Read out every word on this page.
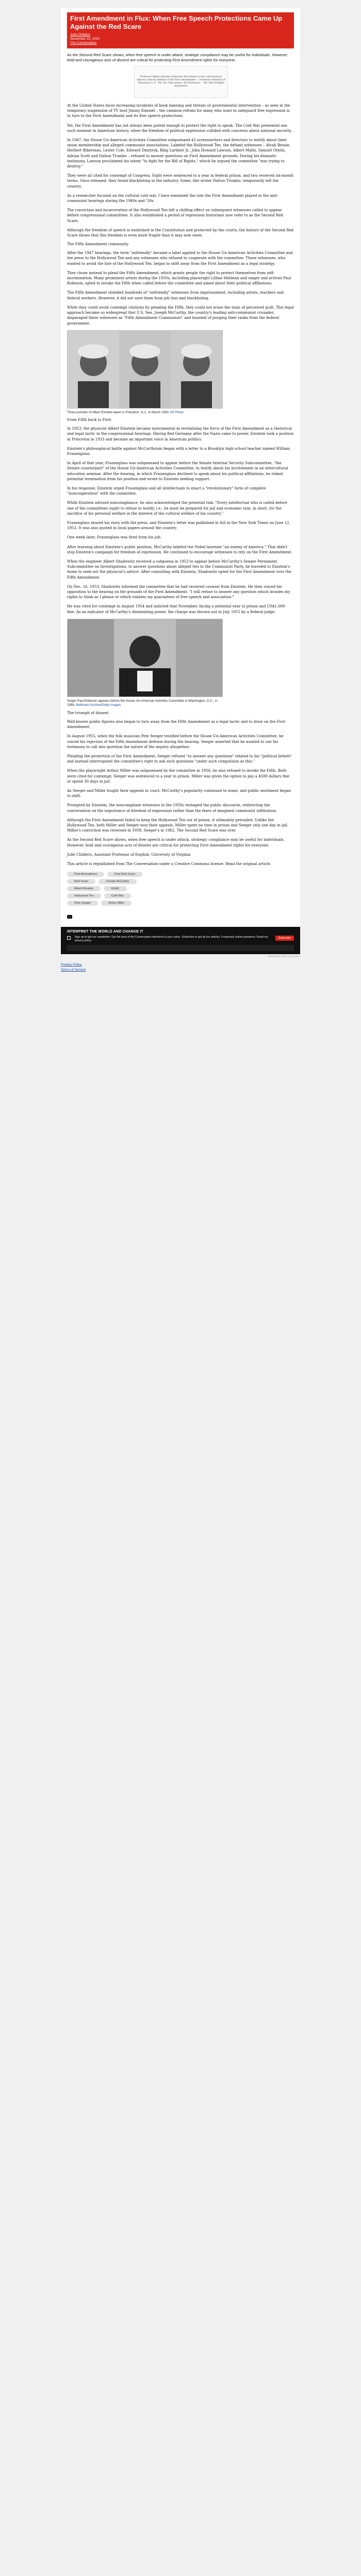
First Amendment in Flux: When Free Speech Protections Came Up Against the Red Scare
Julie Childers
November 20, 2020
The Conversation

As the Second Red Scare shows, when free speech is under attack, strategic compliance may be useful for individuals. However, bold and courageous acts of dissent are critical for protecting First Amendment rights for everyone.

Professor Albert Einstein dedicates this tribute to the conscientious objector and his defense of the First Amendment — Professor emeritus of Tennessee A. E. 'Mr. Art, New Jersey' All Professors — Mr. Bill of Rights and Justice

At the United States faces increasing incidents of book banning and threats of governmental intervention – as seen in the temporary suspension of TV host Jimmy Kimmel – the common refrain for many who want to safeguard free expression is to turn to the First Amendment and its free speech protections.

Yet, the First Amendment has not always been potent enough to protect the right to speak. The Cold War presented one such moment in American history, when the freedom of political expression collided with concerns about national security.

In 1947, the House Un-American Activities Committee subpoenaed 43 screenwriters and directors to testify about their union membership and alleged communist associations. Labeled the Hollywood Ten, the defiant witnesses – Alvah Bessie, Herbert Biberman, Lester Cole, Edward Dmytryk, Ring Lardner Jr., John Howard Lawson, Albert Maltz, Samuel Ornitz, Adrian Scott and Dalton Trumbo – refused to answer questions on First Amendment grounds. During his dramatic testimony, Lawson proclaimed his intent "to fight for the Bill of Rights," which he argued the committee "was trying to destroy."

They were all cited for contempt of Congress. Eight were sentenced to a year in federal prison, and two received six-month terms. Once released, they found blacklisting in the industry. Some, like writer Dalton Trumbo, temporarily left the country.

As a researcher focused on the cultural cold war, I have examined the role the First Amendment played in the anti-communist hearings during the 1940s and '50s.

The conviction and incarceration of the Hollywood Ten left a chilling effect on subsequent witnesses called to appear before congressional committees. It also established a period of repression historians now refer to as the Second Red Scare.

Although the freedom of speech is enshrined in the Constitution and protected by the courts, the history of the Second Red Scare shows that this freedom is even more fragile than it may now seem.

The Fifth Amendment community

After the 1947 hearings, the term "unfriendly" became a label applied to the House Un-American Activities Committee and the press to the Hollywood Ten and any witnesses who refused to cooperate with the committee. These witnesses, who wanted to avoid the fate of the Hollywood Ten, began to shift away from the First Amendment as a legal strategy.

They chose instead to plead the Fifth Amendment, which grants people the right to protect themselves from self-incrimination. Many prominent artists during the 1950s, including playwright Lillian Hellman and singer and activist Paul Robeson, opted to invoke the Fifth when called before the committee and asked about their political affiliations.

The Fifth Amendment shielded hundreds of "unfriendly" witnesses from imprisonment, including artists, teachers and federal workers. However, it did not save them from job loss and blacklisting.

While they could avoid contempt citations by pleading the Fifth, they could not erase the stain of perceived guilt. This legal approach became so widespread that U.S. Sen. Joseph McCarthy, the country's leading anti-communist crusader, disparaged these witnesses as "Fifth Amendment Communists" and boasted of purging their ranks from the federal government.

Three portraits of Albert Einstein taken in Princeton, N.J., in March 1953. AP Photo

From Fifth back to First

In 1953, the physicist Albert Einstein became instrumental in revitalizing the force of the First Amendment as a rhetorical and legal tactic in the congressional hearings. Having fled Germany after the Nazis came to power, Einstein took a position at Princeton in 1933 and became an important voice in American politics.

Einstein's philosophical battle against McCarthyism began with a letter to a Brooklyn high school teacher named William Frauenglass.

In April of that year, Frauenglass was subpoenaed to appear before the Senate Internal Security Subcommittee, "the Senate counterpart" of the House Un-American Activities Committee, to testify about his involvement in an intercultural education seminar. After the hearing, in which Frauenglass declined to speak about his political affiliations, he risked potential termination from his position and wrote to Einstein seeking support.

In his response, Einstein urged Frauenglass and all intellectuals to enact a "revolutionary" form of complete "noncooperation" with the committee.

While Einstein advised noncompliance, he also acknowledged the potential risk: "Every intellectual who is called before one of the committees ought to refuse to testify, i.e., he must be prepared for jail and economic ruin, in short, for the sacrifice of his personal welfare in the interest of the cultural welfare of his country."

Frauenglass shared his story with the press, and Einstein's letter was published in full in the New York Times on June 12, 1953. It was also quoted in local papers around the country.

One week later, Frauenglass was fired from his job.

After learning about Einstein's public position, McCarthy labeled the Nobel laureate "an enemy of America." That didn't stop Einstein's campaign for freedom of expression. He continued to encourage witnesses to rely on the First Amendment.

When the engineer Albert Shadowitz received a subpoena in 1953 to appear before McCarthy's Senate Permanent Subcommittee on Investigations, to answer questions about alleged ties to the Communist Party, he traveled to Einstein's home to seek out the physicist's advice. After consulting with Einstein, Shadowitz opted for the First Amendment over the Fifth Amendment.

On Dec. 16, 1953, Shadowitz informed the committee that he had received counsel from Einstein. He then voiced his opposition to the hearing on the grounds of the First Amendment: "I will refuse to answer any question which invades my rights to think as I please or which violates my guarantees of free speech and association."

He was cited for contempt in August 1954 and indicted that November, facing a potential year in prison and US$1,000 fine. As an indicator of McCarthy's diminishing power, the charge was thrown out in July 1955 by a federal judge.

Singer Paul Robeson appears before the House Un-American Activities Committee in Washington, D.C., in 1956. Bettmann Archive/Getty Images

The triumph of dissent

Well-known public figures also began to turn away from the Fifth Amendment as a legal tactic and to draw on the First Amendment.

In August 1955, when the folk musician Pete Seeger testified before the House Un-American Activities Committee, he voiced his rejection of the Fifth Amendment defense during the hearing. Seeger asserted that he wanted to use his testimony to call into question the nature of the inquiry altogether.

Pleading the protection of the First Amendment, Seeger refused "to answer any questions" related to his "political beliefs" and instead interrogated the committee's right to ask such questions "under such compulsion as this."

When the playwright Arthur Miller was subpoenaed by the committee in 1956, he also refused to invoke the Fifth. Both were cited for contempt; Seeger was sentenced to a year in prison. Miller was given the option to pay a $500 dollars fine or spend 30 days in jail.

As Seeger and Miller fought their appeals in court, McCarthy's popularity continued to wane, and public sentiment began to shift.

Prompted by Einstein, the noncompliant witnesses in the 1950s reshaped the public discourse, redirecting the conversation on the importance of freedom of expression rather than the fears of imagined communist infiltration.

Although the First Amendment failed to keep the Hollywood Ten out of prison, it ultimately prevailed. Unlike the Hollywood Ten, both Miller and Seeger won their appeals. Miller spent no time in prison and Seeger only one day in jail. Miller's conviction was reversed in 1958; Seeger's in 1962. The Second Red Scare was over.

As the Second Red Scare shows, when free speech is under attack, strategic compliance may be useful for individuals. However, bold and courageous acts of dissent are critical for protecting First Amendment rights for everyone.

Julie Childers, Assistant Professor of English, University of Virginia

This article is republished from The Conversation under a Creative Commons license. Read the original article.

First Amendment	First Red Scare
Red Scare	Joseph McCarthy
Albert Einstein	HUAC
Hollywood Ten	Cold War
Pete Seeger	Arthur Miller
CC
INTERPRET THE WORLD AND CHANGE IT
Sign up to get our newsletter. Get the best of the Conversation delivered to your inbox. Subscribe to get all our articles. Frequently asked questions. Read our privacy policy.
Subscribe
Embedded with permission
Privacy Policy
Terms of Service
